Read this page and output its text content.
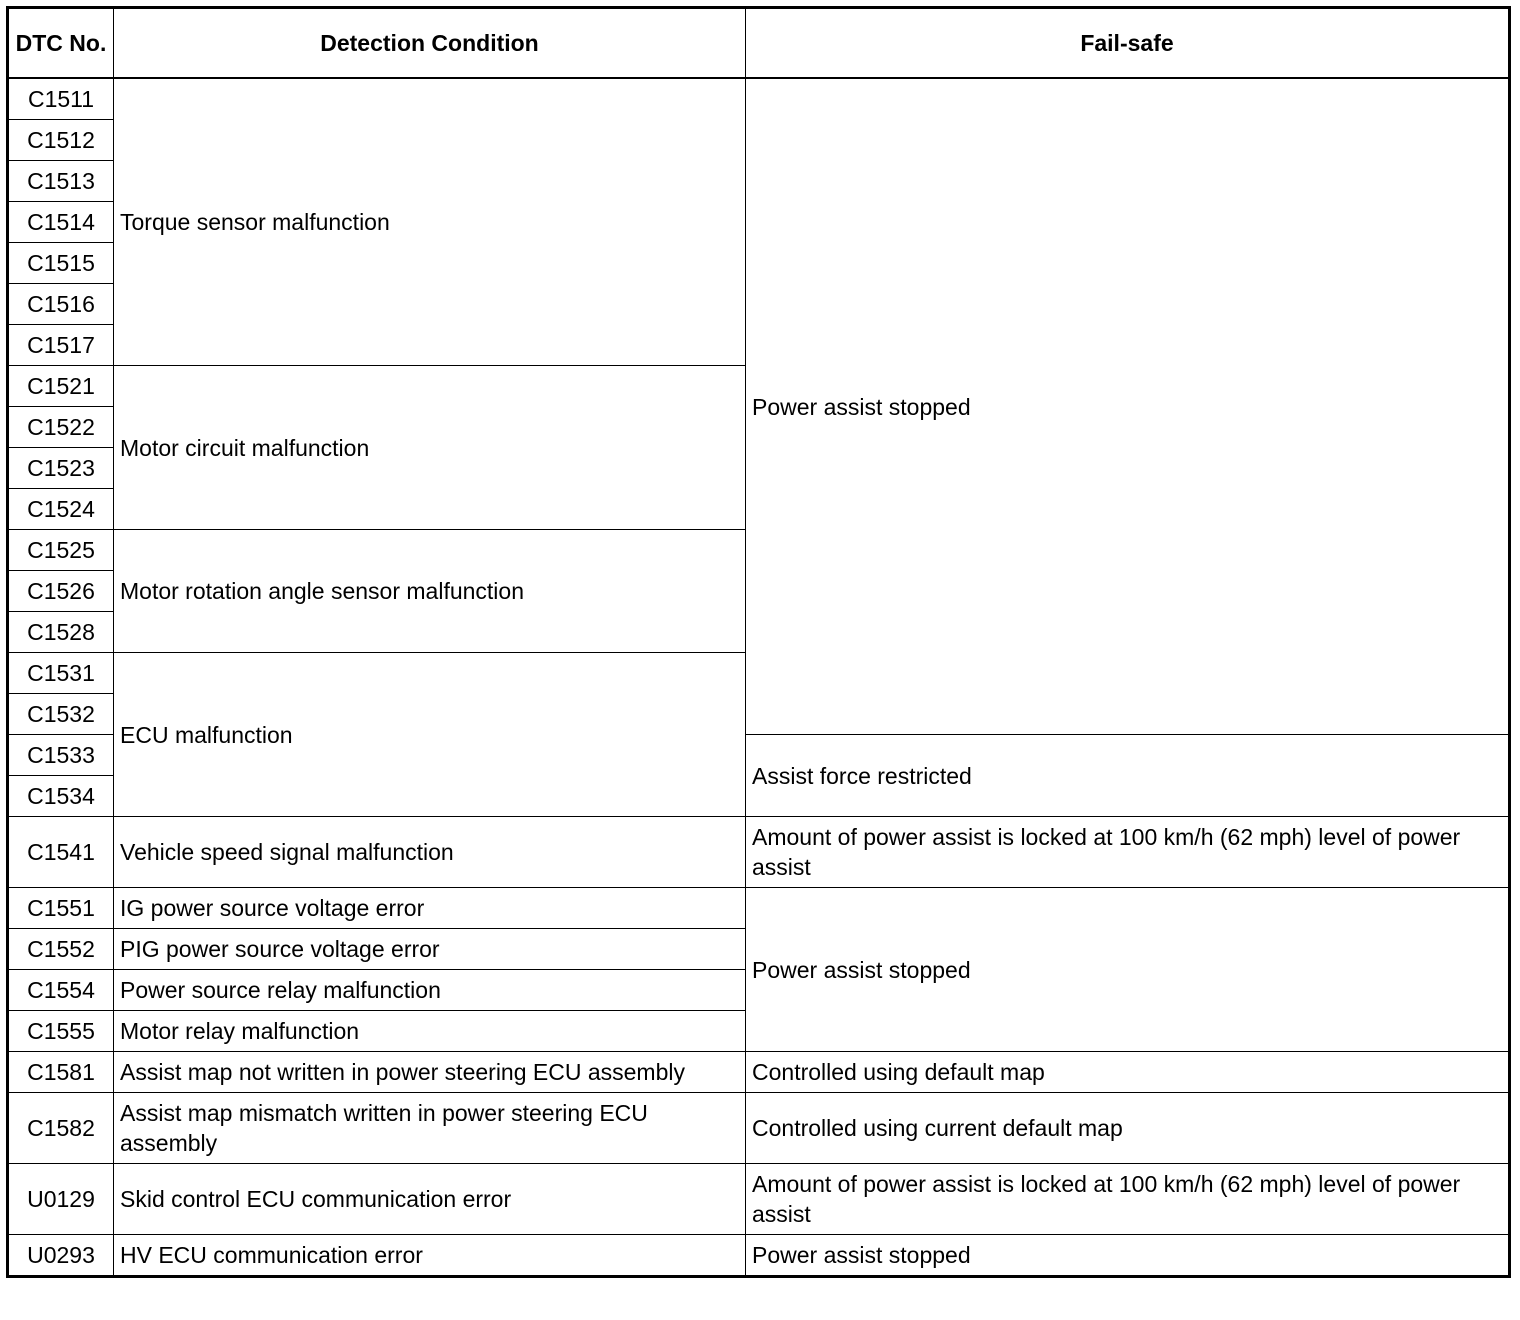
DTC No.	Detection Condition	Fail-safe
C1511	Torque sensor malfunction	Power assist stopped
C1512		
C1513		
C1514		
C1515		
C1516		
C1517		
C1521	Motor circuit malfunction	
C1522		
C1523		
C1524		
C1525	Motor rotation angle sensor malfunction	
C1526		
C1528		
C1531	ECU malfunction	
C1532		
C1533		Assist force restricted
C1534		
C1541	Vehicle speed signal malfunction	Amount of power assist is locked at 100 km/h (62 mph) level of power assist
C1551	IG power source voltage error	Power assist stopped
C1552	PIG power source voltage error	
C1554	Power source relay malfunction	
C1555	Motor relay malfunction	
C1581	Assist map not written in power steering ECU assembly	Controlled using default map
C1582	Assist map mismatch written in power steering ECU assembly	Controlled using current default map
U0129	Skid control ECU communication error	Amount of power assist is locked at 100 km/h (62 mph) level of power assist
U0293	HV ECU communication error	Power assist stopped
